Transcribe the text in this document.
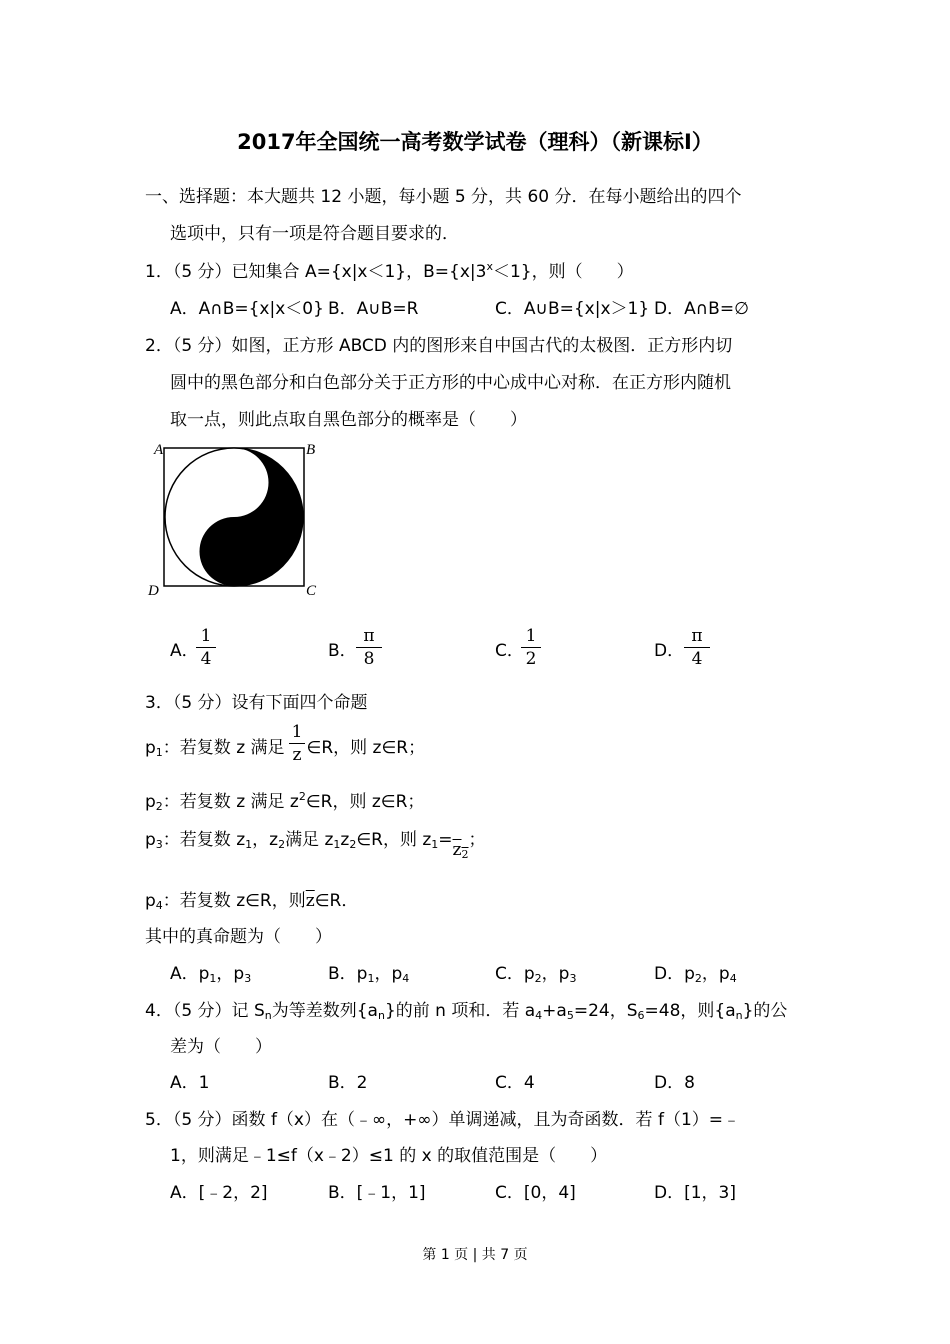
2017年全国统一高考数学试卷（理科）（新课标Ⅰ）
一、选择题：本大题共 12 小题，每小题 5 分，共 60 分．在每小题给出的四个
选项中，只有一项是符合题目要求的．
1．（5 分）已知集合 A={x|x＜1}，$B=\{x|3^x<1\}$，则（　　）
A．A∩B={x|x＜0} B．A∪B=R	C．A∪B={x|x＞1} D．A∩B=∅
2．（5 分）如图，正方形 ABCD 内的图形来自中国古代的太极图．正方形内切
圆中的黑色部分和白色部分关于正方形的中心成中心对称．在正方形内随机
取一点，则此点取自黑色部分的概率是（　　）
A	B
C
D
A．
1
4	B．
π
8	C．
1
2	D．
π
4
3．（5 分）设有下面四个命题
$p_1$：若复数 z 满足 ∈R，则 z∈R；
1
z
$p_2$：若复数 z 满足 $z^2\in R$，则 z∈R；
$p_3$：若复数 $z_1$，$z_2$满足 $z_1z_2\in R$，则 $z_1=z_2$；
$p_4$：若复数 z∈R，则$\overline{z}\in R$．
其中的真命题为（　　）
A．$p_1$，$p_3$	B．$p_1$，$p_4$	C．$p_2$，$p_3$	D．$p_2$，$p_4$
4．（5 分）记 $S_n$为等差数列$\{a_n\}$的前 n 项和．若 $a_4+a_5=24$，$S_6=48$，则$\{a_n\}$的公
差为（　　）
A．1	B．2	C．4	D．8
5．（5 分）函数 f（x）在（﹣∞，+∞）单调递减，且为奇函数．若 f（1）=﹣
1，则满足﹣1≤f（x﹣2）≤1 的 x 的取值范围是（　　）
A．[﹣2，2]	B．[﹣1，1]	C．[0，4]	D．[1，3]
第 1 页 | 共 7 页
